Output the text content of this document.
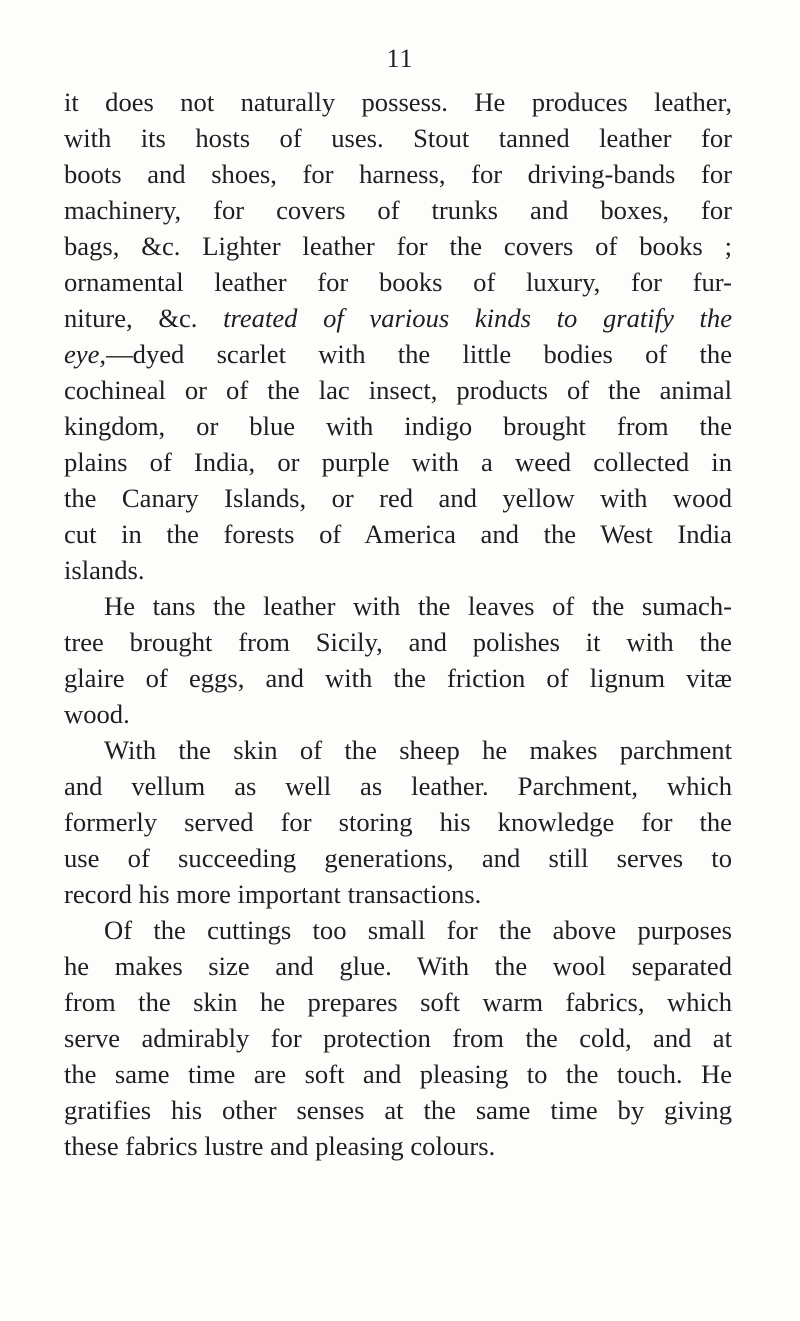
11
it does not naturally possess. He produces leather,
with its hosts of uses. Stout tanned leather for
boots and shoes, for harness, for driving-bands for
machinery, for covers of trunks and boxes, for
bags, &c. Lighter leather for the covers of books ;
ornamental leather for books of luxury, for fur-
niture, &c. treated of various kinds to gratify the
eye,—dyed scarlet with the little bodies of the
cochineal or of the lac insect, products of the animal
kingdom, or blue with indigo brought from the
plains of India, or purple with a weed collected in
the Canary Islands, or red and yellow with wood
cut in the forests of America and the West India
islands.
He tans the leather with the leaves of the sumach-
tree brought from Sicily, and polishes it with the
glaire of eggs, and with the friction of lignum vitæ
wood.
With the skin of the sheep he makes parchment
and vellum as well as leather. Parchment, which
formerly served for storing his knowledge for the
use of succeeding generations, and still serves to
record his more important transactions.
Of the cuttings too small for the above purposes
he makes size and glue. With the wool separated
from the skin he prepares soft warm fabrics, which
serve admirably for protection from the cold, and at
the same time are soft and pleasing to the touch. He
gratifies his other senses at the same time by giving
these fabrics lustre and pleasing colours.
